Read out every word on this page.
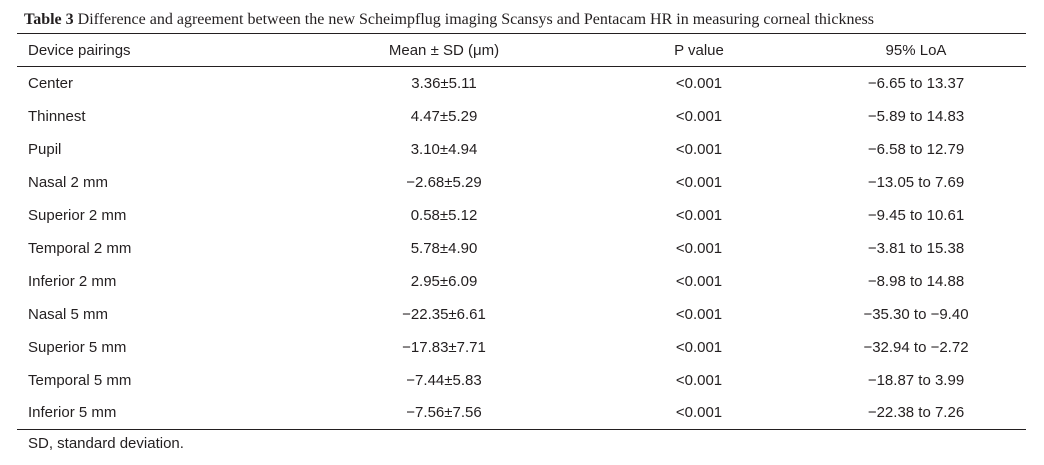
Table 3 Difference and agreement between the new Scheimpflug imaging Scansys and Pentacam HR in measuring corneal thickness
Device pairings	Mean ± SD (μm)	P value	95% LoA
Center	3.36±5.11	<0.001	−6.65 to 13.37
Thinnest	4.47±5.29	<0.001	−5.89 to 14.83
Pupil	3.10±4.94	<0.001	−6.58 to 12.79
Nasal 2 mm	−2.68±5.29	<0.001	−13.05 to 7.69
Superior 2 mm	0.58±5.12	<0.001	−9.45 to 10.61
Temporal 2 mm	5.78±4.90	<0.001	−3.81 to 15.38
Inferior 2 mm	2.95±6.09	<0.001	−8.98 to 14.88
Nasal 5 mm	−22.35±6.61	<0.001	−35.30 to −9.40
Superior 5 mm	−17.83±7.71	<0.001	−32.94 to −2.72
Temporal 5 mm	−7.44±5.83	<0.001	−18.87 to 3.99
Inferior 5 mm	−7.56±7.56	<0.001	−22.38 to 7.26
SD, standard deviation.
